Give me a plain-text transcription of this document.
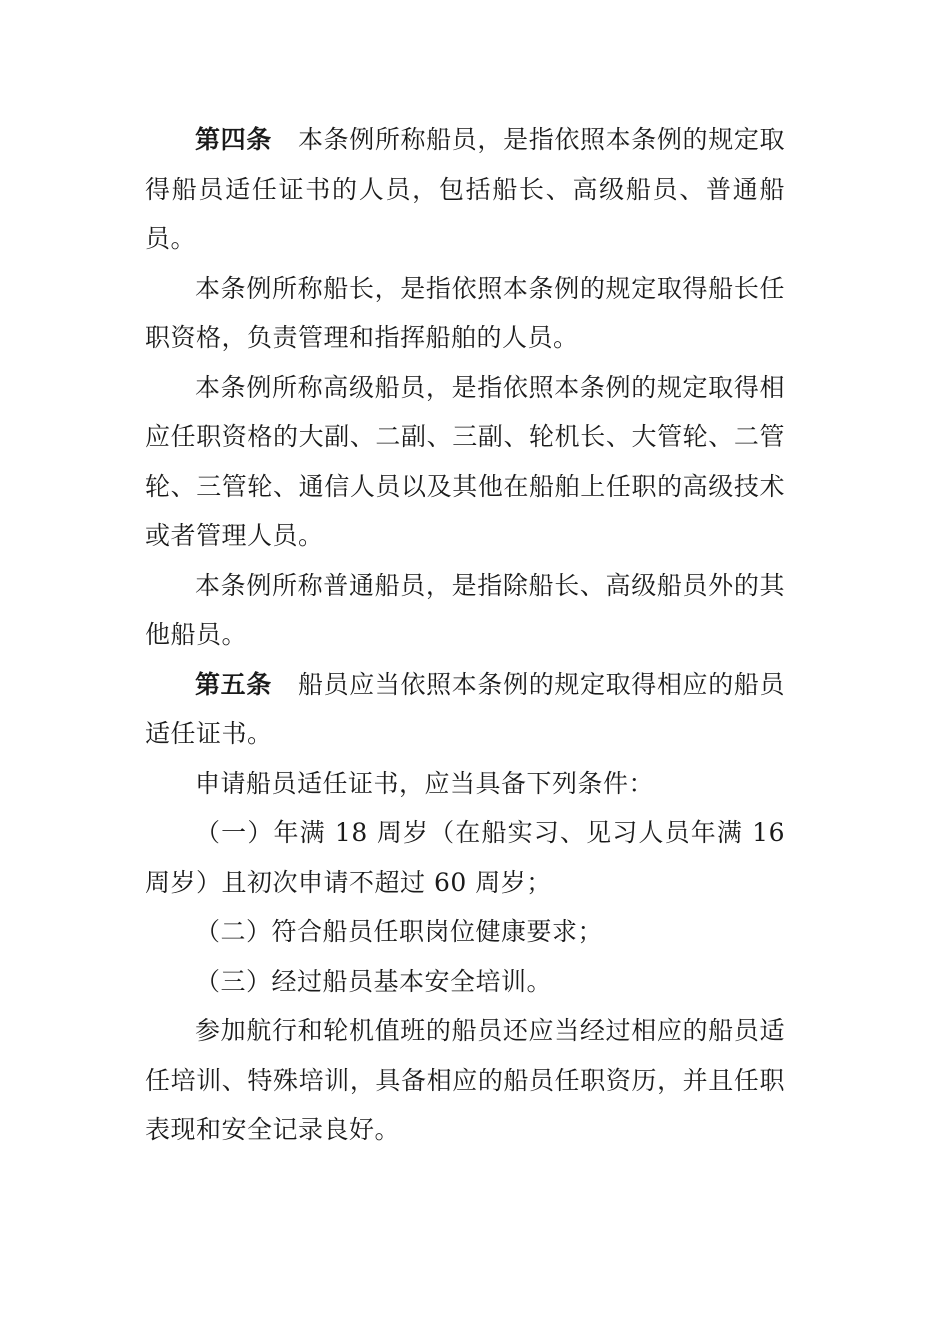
第四条 本条例所称船员，是指依照本条例的规定取得船员适任证书的人员，包括船长、高级船员、普通船员。

本条例所称船长，是指依照本条例的规定取得船长任职资格，负责管理和指挥船舶的人员。

本条例所称高级船员，是指依照本条例的规定取得相应任职资格的大副、二副、三副、轮机长、大管轮、二管轮、三管轮、通信人员以及其他在船舶上任职的高级技术或者管理人员。

本条例所称普通船员，是指除船长、高级船员外的其他船员。

第五条 船员应当依照本条例的规定取得相应的船员适任证书。

申请船员适任证书，应当具备下列条件：

（一）年满 18 周岁（在船实习、见习人员年满 16 周岁）且初次申请不超过 60 周岁；

（二）符合船员任职岗位健康要求；

（三）经过船员基本安全培训。

参加航行和轮机值班的船员还应当经过相应的船员适任培训、特殊培训，具备相应的船员任职资历，并且任职表现和安全记录良好。
